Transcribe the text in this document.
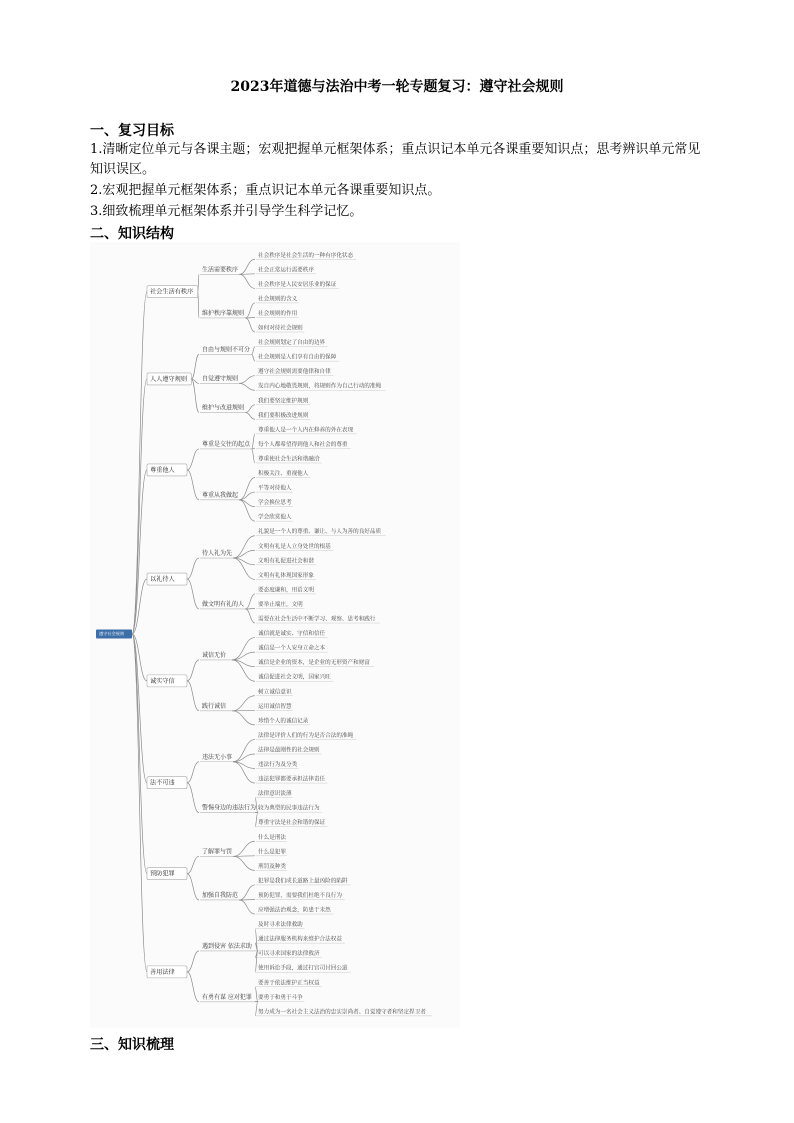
2023年道德与法治中考一轮专题复习：遵守社会规则
一、复习目标
1.清晰定位单元与各课主题；宏观把握单元框架体系；重点识记本单元各课重要知识点；思考辨识单元常见知识误区。
2.宏观把握单元框架体系；重点识记本单元各课重要知识点。
3.细致梳理单元框架体系并引导学生科学记忆。
二、知识结构
社会秩序是社会生活的一种有序化状态
社会正常运行需要秩序
社会秩序是人民安居乐业的保证
生活需要秩序
社会规则的含义
社会规则的作用
如何对待社会规则
维护秩序靠规则
社会生活有秩序
社会规则划定了自由的边界
社会规则是人们享有自由的保障
自由与规则不可分
遵守社会规则需要他律和自律
发自内心地敬畏规则，将规则作为自己行动的准绳
自觉遵守规则
我们要坚定维护规则
我们要积极改进规则
维护与改进规则
人人遵守规则
尊重他人是一个人内在修养的外在表现
每个人都希望得到他人和社会的尊重
尊重使社会生活和谐融洽
尊重是交往的起点
积极关注、重视他人
平等对待他人
学会换位思考
学会欣赏他人
尊重从我做起
尊重他人
礼貌是一个人的尊重、谦让、与人为善的良好品质
文明有礼是人立身处世的根基
文明有礼促进社会和谐
文明有礼体现国家形象
待人礼为先
要态度谦和，用语文明
要举止端庄，文明
需要在社会生活中不断学习、观察、思考和践行
做文明有礼的人
以礼待人
诚信就是诚实、守信和信任
诚信是一个人安身立命之本
诚信是企业的资本，是企业的无形资产和财富
诚信促进社会文明，国家兴旺
诚信无价
树立诚信意识
运用诚信智慧
珍惜个人的诚信记录
践行诚信
诚实守信
法律是评价人们的行为是否合法的准绳
法律是最刚性的社会规则
违法行为及分类
违法犯罪都要承担法律责任
违法无小事
法律意识淡薄
较为典型的民事违法行为
尊重守法是社会和谐的保证
警惕身边的违法行为
法不可违
什么是刑法
什么是犯罪
刑罚及种类
了解罪与罚
犯罪是我们成长道路上最凶险的陷阱
预防犯罪，需要我们杜绝不良行为
应增强法治观念，防患于未然
加强自我防范
预防犯罪
及时寻求法律救助
通过法律服务机构来维护合法权益
可以寻求国家的法律救济
使用诉讼手段，通过打官司讨回公道
遇到侵害 依法求助
要善于依法维护正当权益
要勇于和勇于斗争
努力成为一名社会主义法治的忠实崇尚者、自觉遵守者和坚定捍卫者
有勇有谋 应对犯罪
善用法律
遵守社会规则
三、知识梳理
